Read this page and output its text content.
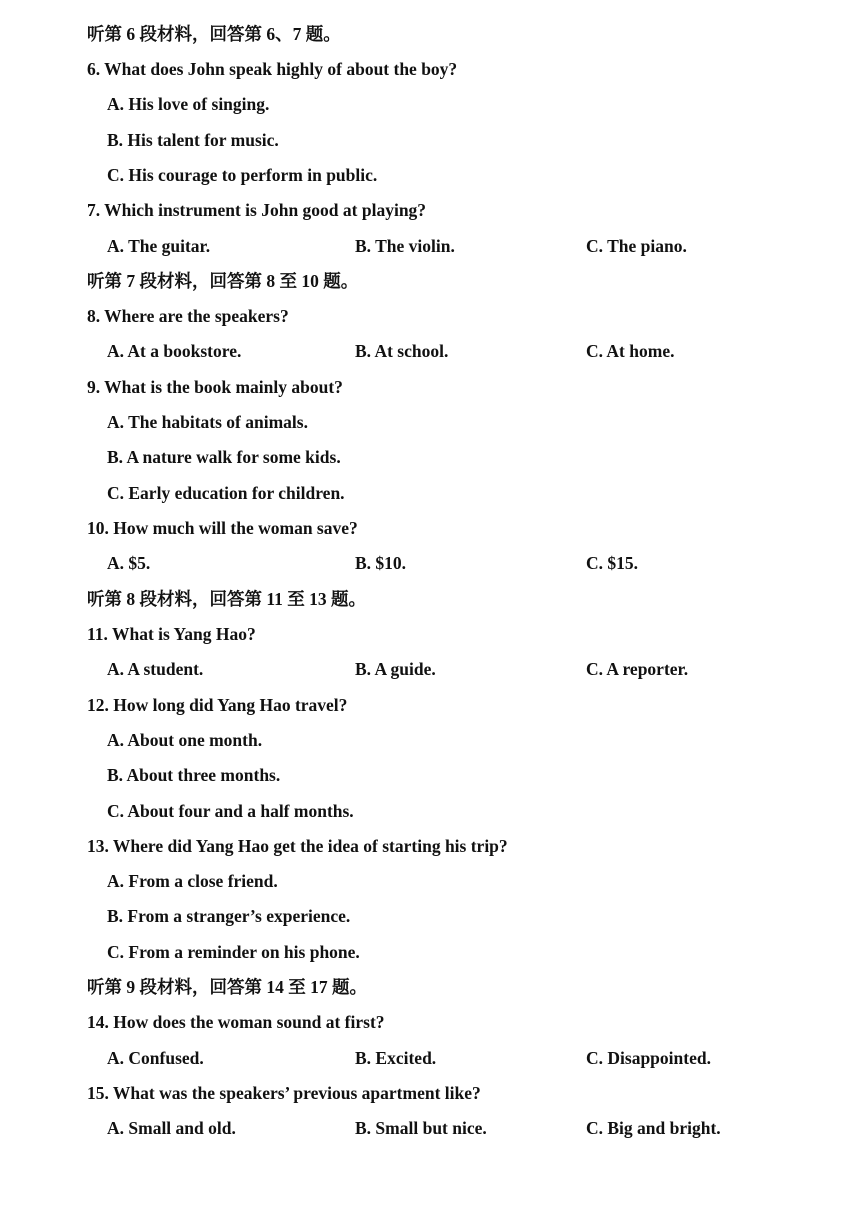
听第 6 段材料，回答第 6、7 题。
6. What does John speak highly of about the boy?
A. His love of singing.
B. His talent for music.
C. His courage to perform in public.
7. Which instrument is John good at playing?
A. The guitar.	B. The violin.	C. The piano.
听第 7 段材料，回答第 8 至 10 题。
8. Where are the speakers?
A. At a bookstore.	B. At school.	C. At home.
9. What is the book mainly about?
A. The habitats of animals.
B. A nature walk for some kids.
C. Early education for children.
10. How much will the woman save?
A. $5.	B. $10.	C. $15.
听第 8 段材料，回答第 11 至 13 题。
11. What is Yang Hao?
A. A student.	B. A guide.	C. A reporter.
12. How long did Yang Hao travel?
A. About one month.
B. About three months.
C. About four and a half months.
13. Where did Yang Hao get the idea of starting his trip?
A. From a close friend.
B. From a stranger’s experience.
C. From a reminder on his phone.
听第 9 段材料，回答第 14 至 17 题。
14. How does the woman sound at first?
A. Confused.	B. Excited.	C. Disappointed.
15. What was the speakers’ previous apartment like?
A. Small and old.	B. Small but nice.	C. Big and bright.
